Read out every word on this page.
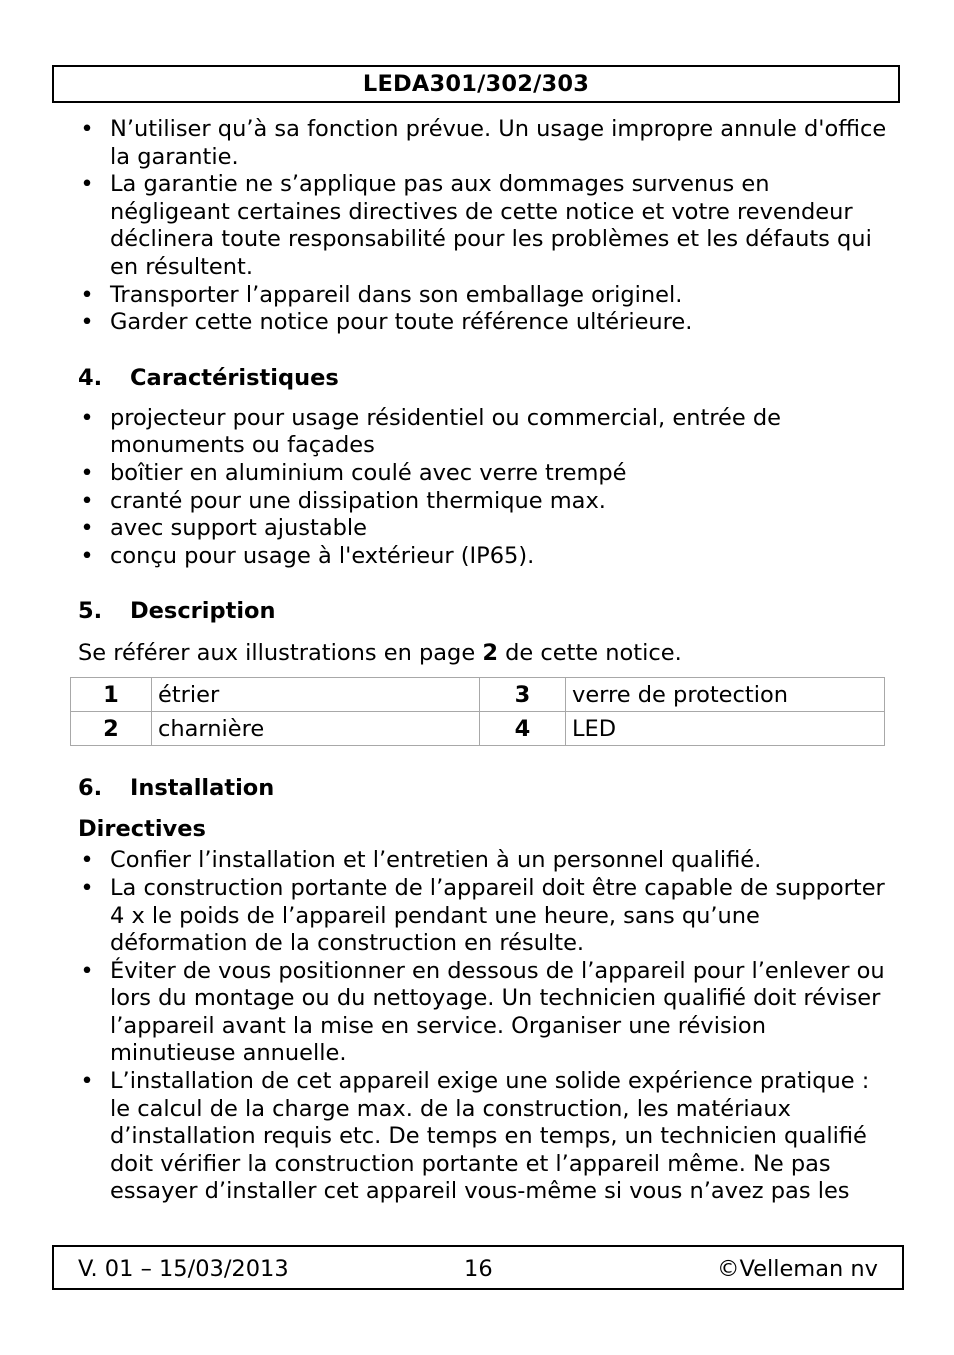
LEDA301/302/303
• N’utiliser qu’à sa fonction prévue. Un usage impropre annule d'office la garantie.
• La garantie ne s’applique pas aux dommages survenus en négligeant certaines directives de cette notice et votre revendeur déclinera toute responsabilité pour les problèmes et les défauts qui en résultent.
• Transporter l’appareil dans son emballage originel.
• Garder cette notice pour toute référence ultérieure.
4.	Caractéristiques
• projecteur pour usage résidentiel ou commercial, entrée de monuments ou façades
• boîtier en aluminium coulé avec verre trempé
• cranté pour une dissipation thermique max.
• avec support ajustable
• conçu pour usage à l'extérieur (IP65).
5.	Description
Se référer aux illustrations en page 2 de cette notice.
1	étrier	3	verre de protection
2	charnière	4	LED
6.	Installation
Directives
• Confier l’installation et l’entretien à un personnel qualifié.
• La construction portante de l’appareil doit être capable de supporter 4 x le poids de l’appareil pendant une heure, sans qu’une déformation de la construction en résulte.
• Éviter de vous positionner en dessous de l’appareil pour l’enlever ou lors du montage ou du nettoyage. Un technicien qualifié doit réviser l’appareil avant la mise en service. Organiser une révision minutieuse annuelle.
• L’installation de cet appareil exige une solide expérience pratique : le calcul de la charge max. de la construction, les matériaux d’installation requis etc. De temps en temps, un technicien qualifié doit vérifier la construction portante et l’appareil même. Ne pas essayer d’installer cet appareil vous-même si vous n’avez pas les
V. 01 – 15/03/2013	16	©Velleman nv
